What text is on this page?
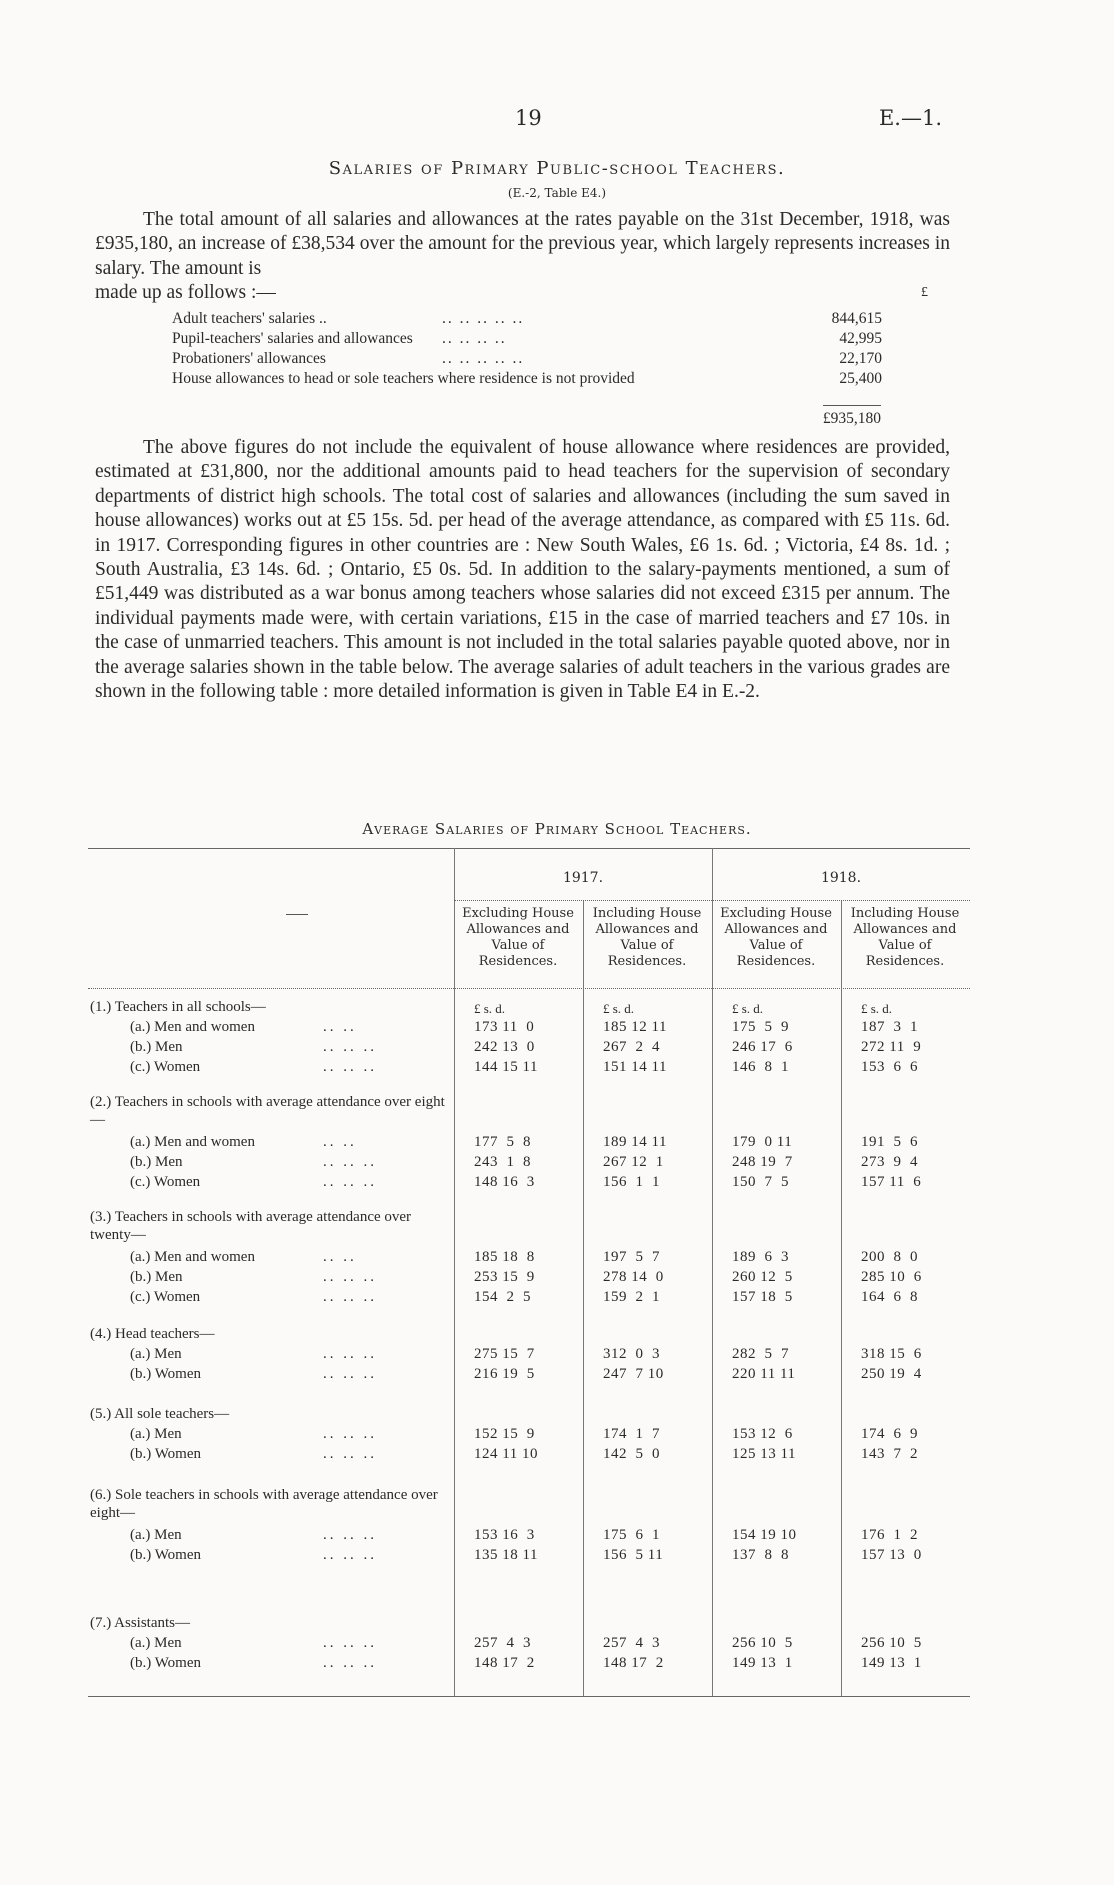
19	E.—1.
Salaries of Primary Public-school Teachers.
(E.-2, Table E4.)

The total amount of all salaries and allowances at the rates payable on the 31st December, 1918, was £935,180, an increase of £38,534 over the amount for the previous year, which largely represents increases in salary. The amount is

made up as follows :—	£
Adult teachers' salaries ..	.. .. .. .. ..	844,615
Pupil-teachers' salaries and allowances .. .. .. ..	42,995
Probationers' allowances	.. .. .. .. ..	22,170
House allowances to head or sole teachers where residence is not provided	25,400
£935,180

The above figures do not include the equivalent of house allowance where residences are provided, estimated at £31,800, nor the additional amounts paid to head teachers for the supervision of secondary departments of district high schools. The total cost of salaries and allowances (including the sum saved in house allowances) works out at £5 15s. 5d. per head of the average attendance, as compared with £5 11s. 6d. in 1917. Corresponding figures in other countries are : New South Wales, £6 1s. 6d. ; Victoria, £4 8s. 1d. ; South Australia, £3 14s. 6d. ; Ontario, £5 0s. 5d. In addition to the salary-payments mentioned, a sum of £51,449 was distributed as a war bonus among teachers whose salaries did not exceed £315 per annum. The individual payments made were, with certain variations, £15 in the case of married teachers and £7 10s. in the case of unmarried teachers. This amount is not included in the total salaries payable quoted above, nor in the average salaries shown in the table below. The average salaries of adult teachers in the various grades are shown in the following table : more detailed information is given in Table E4 in E.-2.

Average Salaries of Primary School Teachers.
1917.	1918.
Excluding House Allowances and Value of Residences.
Including House Allowances and Value of Residences.
Excluding House Allowances and Value of Residences.
Including House Allowances and Value of Residences.
(1.) Teachers in all schools—	£ s. d.	£ s. d.	£ s. d.	£ s. d.
(a.) Men and women	.. ..	173 11  0	185 12 11	175  5  9	187  3  1
(b.) Men	.. .. ..	242 13  0	267  2  4	246 17  6	272 11  9
(c.) Women	.. .. ..	144 15 11	151 14 11	146  8  1	153  6  6
(2.) Teachers in schools with average attendance over eight—
(a.) Men and women	.. ..	177  5  8	189 14 11	179  0 11	191  5  6
(b.) Men	.. .. ..	243  1  8	267 12  1	248 19  7	273  9  4
(c.) Women	.. .. ..	148 16  3	156  1  1	150  7  5	157 11  6
(3.) Teachers in schools with average attendance over twenty—
(a.) Men and women	.. ..	185 18  8	197  5  7	189  6  3	200  8  0
(b.) Men	.. .. ..	253 15  9	278 14  0	260 12  5	285 10  6
(c.) Women	.. .. ..	154  2  5	159  2  1	157 18  5	164  6  8
(4.) Head teachers—
(a.) Men	.. .. ..	275 15  7	312  0  3	282  5  7	318 15  6
(b.) Women	.. .. ..	216 19  5	247  7 10	220 11 11	250 19  4
(5.) All sole teachers—
(a.) Men	.. .. ..	152 15  9	174  1  7	153 12  6	174  6  9
(b.) Women	.. .. ..	124 11 10	142  5  0	125 13 11	143  7  2
(6.) Sole teachers in schools with average attendance over eight—
(a.) Men	.. .. ..	153 16  3	175  6  1	154 19 10	176  1  2
(b.) Women	.. .. ..	135 18 11	156  5 11	137  8  8	157 13  0
(7.) Assistants—
(a.) Men	.. .. ..	257  4  3	257  4  3	256 10  5	256 10  5
(b.) Women	.. .. ..	148 17  2	148 17  2	149 13  1	149 13  1
